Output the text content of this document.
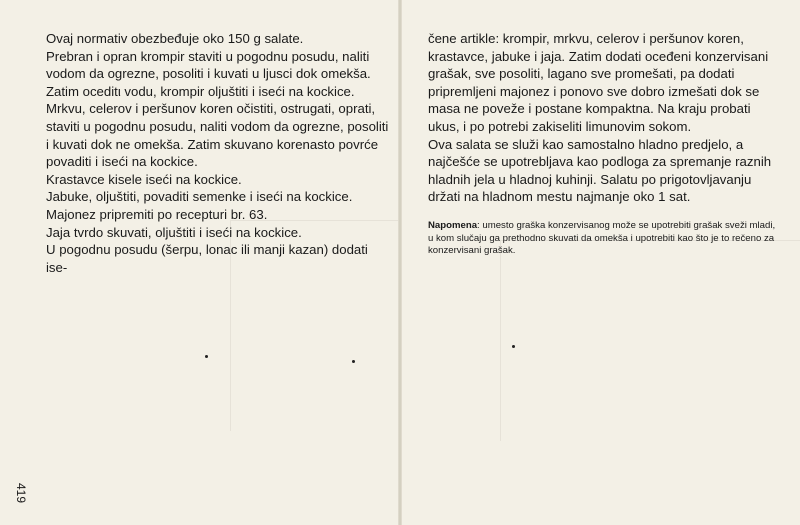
Ovaj normativ obezbeđuje oko 150 g salate.

Prebran i opran krompir staviti u pogodnu posudu, naliti vodom da ogrezne, posoliti i kuvati u ljusci dok omekša. Zatim oceditι vodu, krompir oljuštiti i iseći na kockice.

Mrkvu, celerov i peršunov koren očistiti, ostrugati, oprati, staviti u pogodnu posudu, naliti vodom da ogrezne, posoliti i kuvati dok ne omekša. Zatim skuvano korenasto povrće povaditi i iseći na kockice.

Krastavce kisele iseći na kockice.

Jabuke, oljuštiti, povaditi semenke i iseći na kockice.

Majonez pripremiti po recepturi br. 63.

Jaja tvrdo skuvati, oljuštiti i iseći na kockice.

U pogodnu posudu (šerpu, lonac ili manji kazan) dodati ise-

419

čene artikle: krompir, mrkvu, celerov i peršunov koren, krastavce, jabuke i jaja. Zatim dodati oceđeni konzervisani grašak, sve posoliti, lagano sve promešati, pa dodati pripremljeni majonez i ponovo sve dobro izmešati dok se masa ne poveže i postane kompaktna. Na kraju probati ukus, i po potrebi zakiseliti limunovim sokom.

Ova salata se služi kao samostalno hladno predjelo, a najčešće se upotrebljava kao podloga za spremanje raznih hladnih jela u hladnoj kuhinji. Salatu po prigotovljavanju držati na hladnom mestu najmanje oko 1 sat.

Napomena: umesto graška konzervisanog može se upotrebiti grašak sveži mladi, u kom slučaju ga prethodno skuvati da omekša i upotrebiti kao što je to rečeno za konzervisani grašak.
